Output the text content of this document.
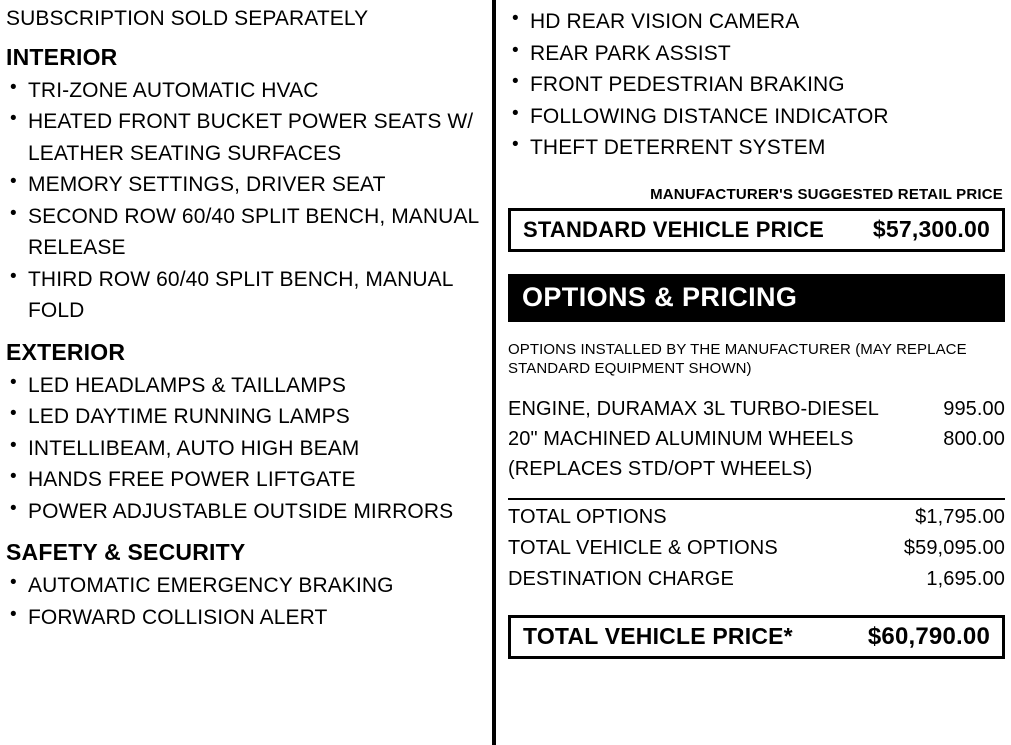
SUBSCRIPTION SOLD SEPARATELY
INTERIOR
• TRI-ZONE AUTOMATIC HVAC
• HEATED FRONT BUCKET POWER SEATS W/ LEATHER SEATING SURFACES
• MEMORY SETTINGS, DRIVER SEAT
• SECOND ROW 60/40 SPLIT BENCH, MANUAL RELEASE
• THIRD ROW 60/40 SPLIT BENCH, MANUAL FOLD
EXTERIOR
• LED HEADLAMPS & TAILLAMPS
• LED DAYTIME RUNNING LAMPS
• INTELLIBEAM, AUTO HIGH BEAM
• HANDS FREE POWER LIFTGATE
• POWER ADJUSTABLE OUTSIDE MIRRORS
SAFETY & SECURITY
• AUTOMATIC EMERGENCY BRAKING
• FORWARD COLLISION ALERT
• HD REAR VISION CAMERA
• REAR PARK ASSIST
• FRONT PEDESTRIAN BRAKING
• FOLLOWING DISTANCE INDICATOR
• THEFT DETERRENT SYSTEM
MANUFACTURER'S SUGGESTED RETAIL PRICE
STANDARD VEHICLE PRICE $57,300.00
OPTIONS & PRICING
OPTIONS INSTALLED BY THE MANUFACTURER (MAY REPLACE STANDARD EQUIPMENT SHOWN)
ENGINE, DURAMAX 3L TURBO-DIESEL	995.00
20" MACHINED ALUMINUM WHEELS	800.00
(REPLACES STD/OPT WHEELS)	
TOTAL OPTIONS	$1,795.00
TOTAL VEHICLE & OPTIONS	$59,095.00
DESTINATION CHARGE	1,695.00
TOTAL VEHICLE PRICE*	$60,790.00
